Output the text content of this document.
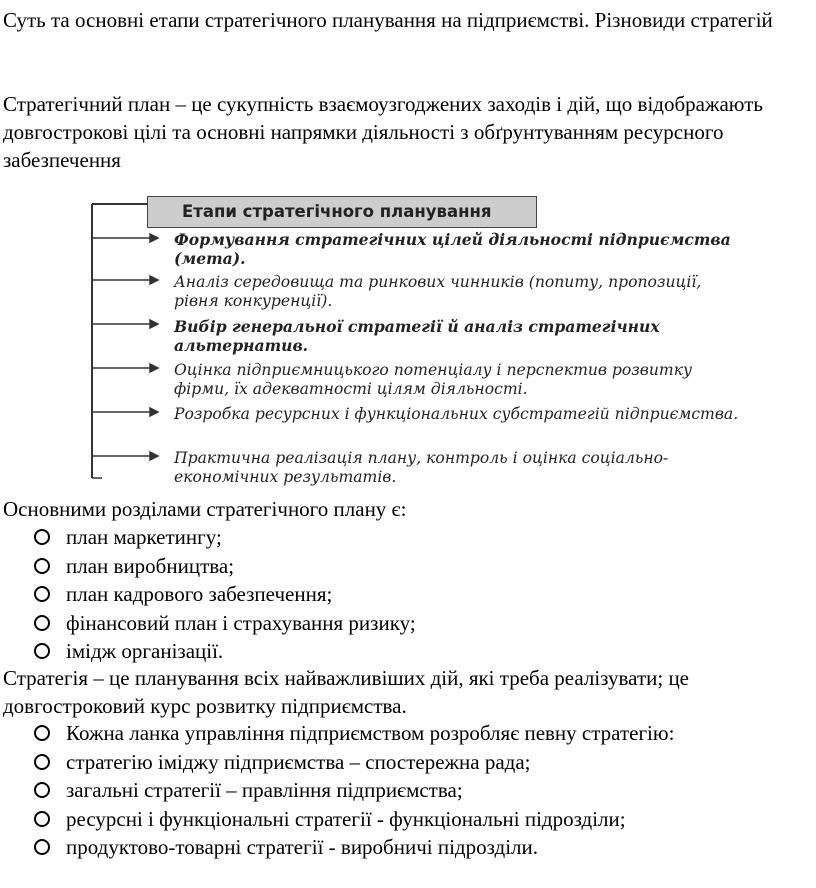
Суть та основні етапи стратегічного планування на підприємстві. Різновиди стратегій

Стратегічний план – це сукупність взаємоузгоджених заходів і дій, що відображають довгострокові цілі та основні напрямки діяльності з обґрунтуванням ресурсного забезпечення

Етапи стратегічного планування
Формування стратегічних цілей діяльності підприємства (мета).
Аналіз середовища та ринкових чинників (попиту, пропозиції, рівня конкуренції).
Вибір генеральної стратегії й аналіз стратегічних альтернатив.
Оцінка підприємницького потенціалу і перспектив розвитку фірми, їх адекватності цілям діяльності.
Розробка ресурсних і функціональних субстратегій підприємства.
Практична реалізація плану, контроль і оцінка соціально-економічних результатів.

Основними розділами стратегічного плану є:

план маркетингу;
план виробництва;
план кадрового забезпечення;
фінансовий план і страхування ризику;
імідж організації.

Стратегія – це планування всіх найважливіших дій, які треба реалізувати; це довгостроковий курс розвитку підприємства.

Кожна ланка управління підприємством розробляє певну стратегію:
стратегію іміджу підприємства – спостережна рада;
загальні стратегії – правління підприємства;
ресурсні і функціональні стратегії - функціональні підрозділи;
продуктово-товарні стратегії - виробничі підрозділи.
